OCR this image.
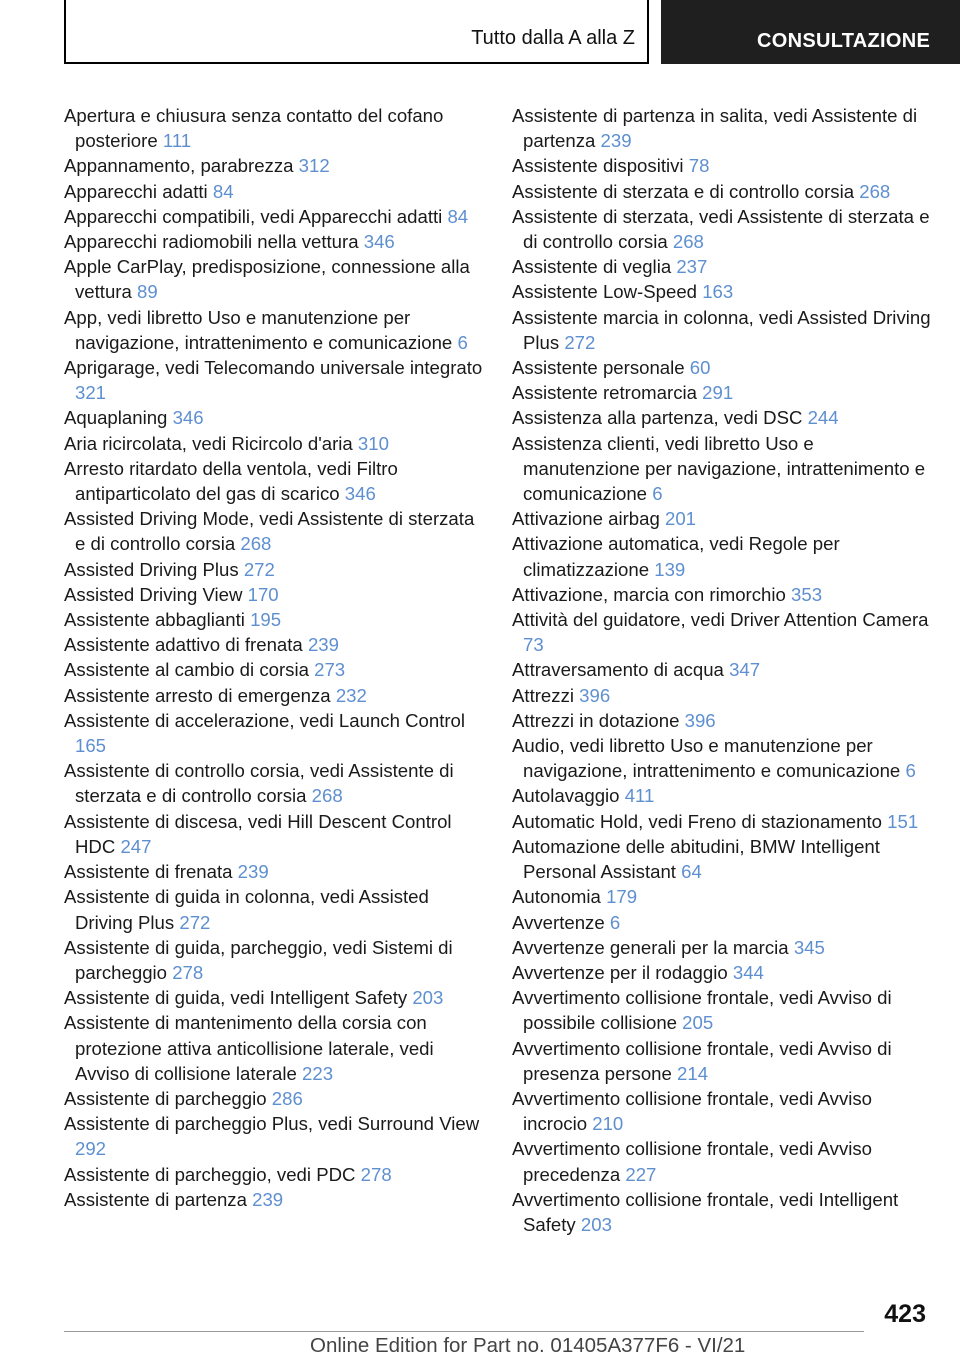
Tutto dalla A alla Z	CONSULTAZIONE
Apertura e chiusura senza contatto del cofano posteriore 111
Appannamento, parabrezza 312
Apparecchi adatti 84
Apparecchi compatibili, vedi Apparecchi adatti 84
Apparecchi radiomobili nella vettura 346
Apple CarPlay, predisposizione, connessione alla vettura 89
App, vedi libretto Uso e manutenzione per navigazione, intrattenimento e comunicazione 6
Aprigarage, vedi Telecomando universale integrato 321
Aquaplaning 346
Aria ricircolata, vedi Ricircolo d'aria 310
Arresto ritardato della ventola, vedi Filtro antiparticolato del gas di scarico 346
Assisted Driving Mode, vedi Assistente di sterzata e di controllo corsia 268
Assisted Driving Plus 272
Assisted Driving View 170
Assistente abbaglianti 195
Assistente adattivo di frenata 239
Assistente al cambio di corsia 273
Assistente arresto di emergenza 232
Assistente di accelerazione, vedi Launch Control 165
Assistente di controllo corsia, vedi Assistente di sterzata e di controllo corsia 268
Assistente di discesa, vedi Hill Descent Control HDC 247
Assistente di frenata 239
Assistente di guida in colonna, vedi Assisted Driving Plus 272
Assistente di guida, parcheggio, vedi Sistemi di parcheggio 278
Assistente di guida, vedi Intelligent Safety 203
Assistente di mantenimento della corsia con protezione attiva anticollisione laterale, vedi Avviso di collisione laterale 223
Assistente di parcheggio 286
Assistente di parcheggio Plus, vedi Surround View 292
Assistente di parcheggio, vedi PDC 278
Assistente di partenza 239
Assistente di partenza in salita, vedi Assistente di partenza 239
Assistente dispositivi 78
Assistente di sterzata e di controllo corsia 268
Assistente di sterzata, vedi Assistente di sterzata e di controllo corsia 268
Assistente di veglia 237
Assistente Low-Speed 163
Assistente marcia in colonna, vedi Assisted Driving Plus 272
Assistente personale 60
Assistente retromarcia 291
Assistenza alla partenza, vedi DSC 244
Assistenza clienti, vedi libretto Uso e manutenzione per navigazione, intrattenimento e comunicazione 6
Attivazione airbag 201
Attivazione automatica, vedi Regole per climatizzazione 139
Attivazione, marcia con rimorchio 353
Attività del guidatore, vedi Driver Attention Camera 73
Attraversamento di acqua 347
Attrezzi 396
Attrezzi in dotazione 396
Audio, vedi libretto Uso e manutenzione per navigazione, intrattenimento e comunicazione 6
Autolavaggio 411
Automatic Hold, vedi Freno di stazionamento 151
Automazione delle abitudini, BMW Intelligent Personal Assistant 64
Autonomia 179
Avvertenze 6
Avvertenze generali per la marcia 345
Avvertenze per il rodaggio 344
Avvertimento collisione frontale, vedi Avviso di possibile collisione 205
Avvertimento collisione frontale, vedi Avviso di presenza persone 214
Avvertimento collisione frontale, vedi Avviso incrocio 210
Avvertimento collisione frontale, vedi Avviso precedenza 227
Avvertimento collisione frontale, vedi Intelligent Safety 203
423
Online Edition for Part no. 01405A377F6 - VI/21
